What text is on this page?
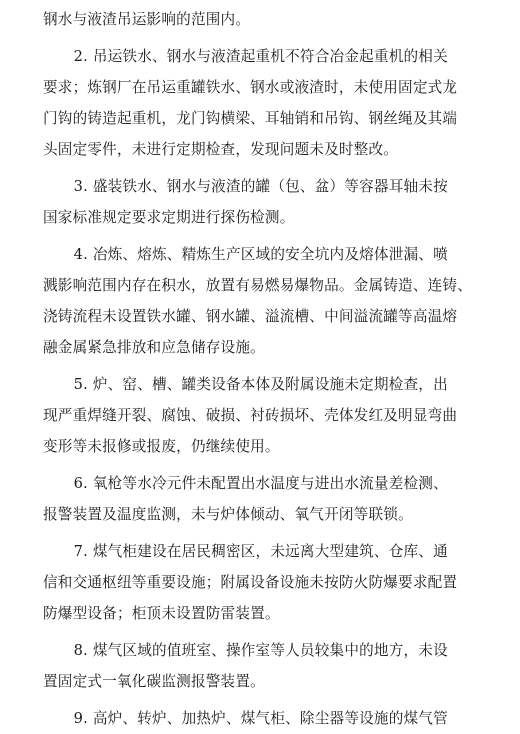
钢水与液渣吊运影响的范围内。
2. 吊运铁水、钢水与液渣起重机不符合冶金起重机的相关
要求；炼钢厂在吊运重罐铁水、钢水或液渣时，未使用固定式龙
门钩的铸造起重机，龙门钩横梁、耳轴销和吊钩、钢丝绳及其端
头固定零件，未进行定期检查，发现问题未及时整改。
3. 盛装铁水、钢水与液渣的罐（包、盆）等容器耳轴未按
国家标准规定要求定期进行探伤检测。
4. 冶炼、熔炼、精炼生产区域的安全坑内及熔体泄漏、喷
溅影响范围内存在积水，放置有易燃易爆物品。金属铸造、连铸、
浇铸流程未设置铁水罐、钢水罐、溢流槽、中间溢流罐等高温熔
融金属紧急排放和应急储存设施。
5. 炉、窑、槽、罐类设备本体及附属设施未定期检查，出
现严重焊缝开裂、腐蚀、破损、衬砖损坏、壳体发红及明显弯曲
变形等未报修或报废，仍继续使用。
6. 氧枪等水冷元件未配置出水温度与进出水流量差检测、
报警装置及温度监测，未与炉体倾动、氧气开闭等联锁。
7. 煤气柜建设在居民稠密区，未远离大型建筑、仓库、通
信和交通枢纽等重要设施；附属设备设施未按防火防爆要求配置
防爆型设备；柜顶未设置防雷装置。
8. 煤气区域的值班室、操作室等人员较集中的地方，未设
置固定式一氧化碳监测报警装置。
9. 高炉、转炉、加热炉、煤气柜、除尘器等设施的煤气管
